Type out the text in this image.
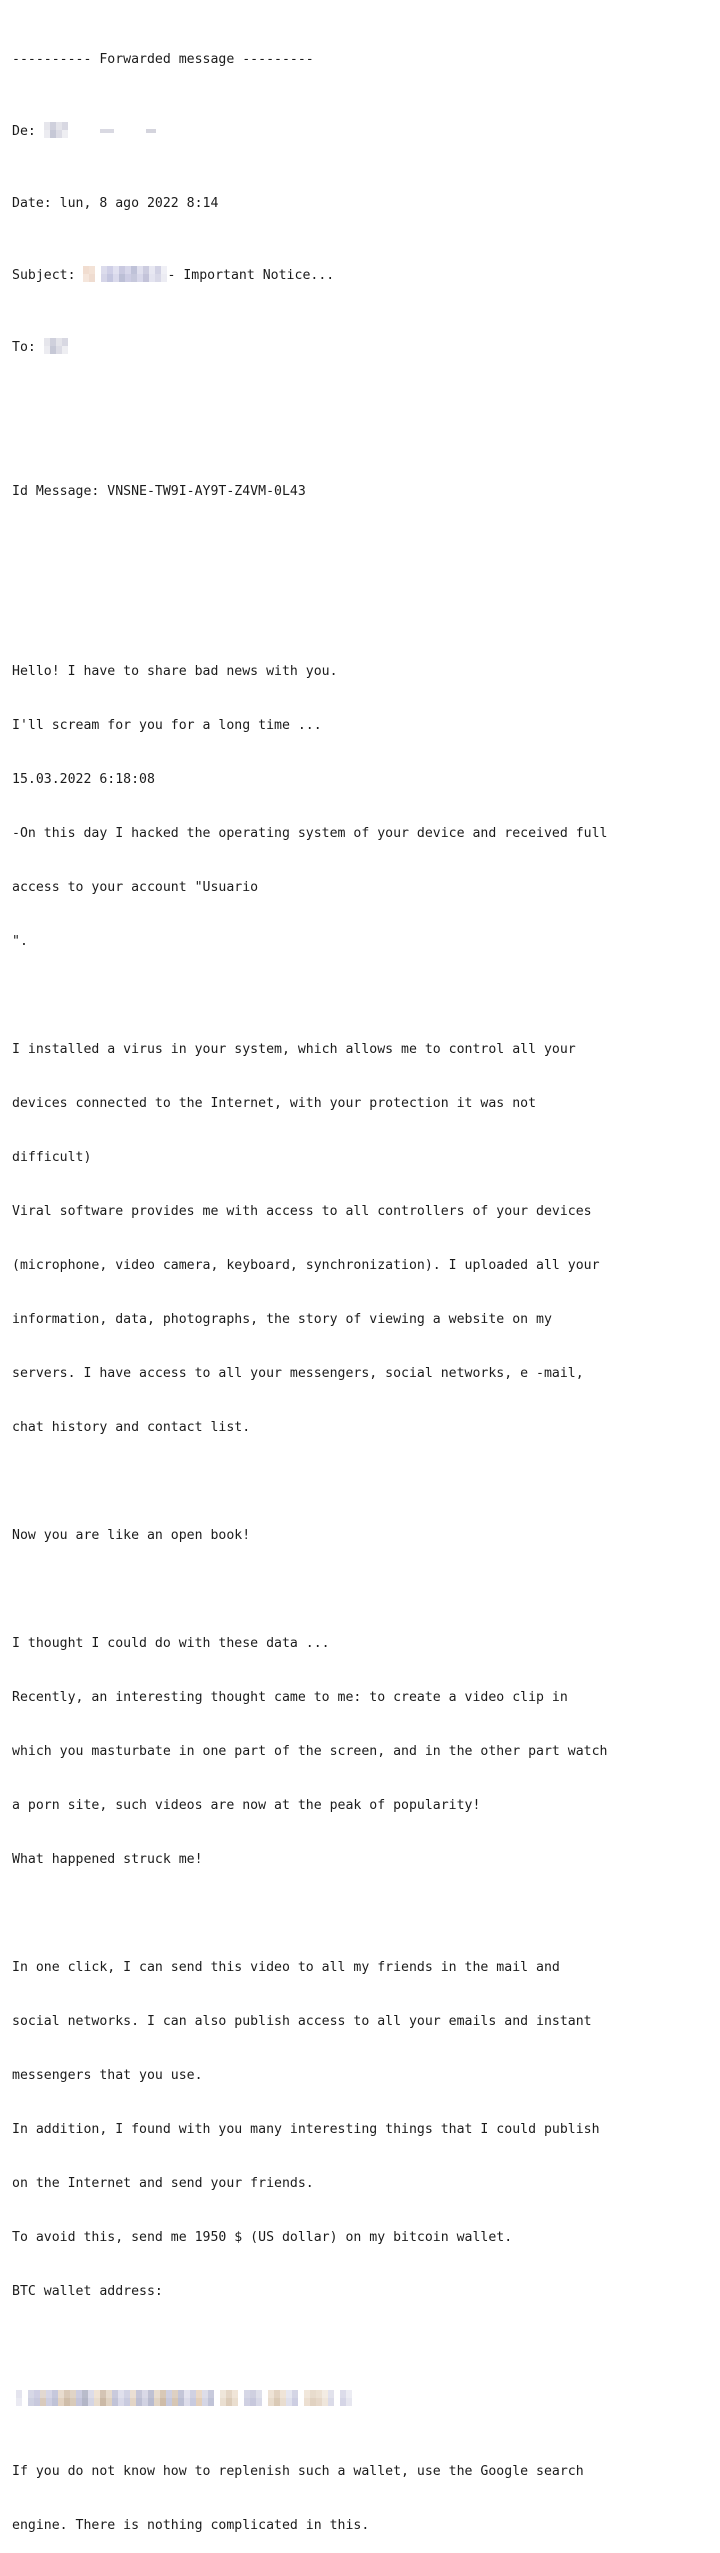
---------- Forwarded message ---------

De:

Date: lun, 8 ago 2022 8:14

Subject:	- Important Notice...

To:

Id Message: VNSNE-TW9I-AY9T-Z4VM-0L43

Hello! I have to share bad news with you.

I'll scream for you for a long time ...

15.03.2022 6:18:08

-On this day I hacked the operating system of your device and received full

access to your account "Usuario

".

I installed a virus in your system, which allows me to control all your

devices connected to the Internet, with your protection it was not

difficult)

Viral software provides me with access to all controllers of your devices

(microphone, video camera, keyboard, synchronization). I uploaded all your

information, data, photographs, the story of viewing a website on my

servers. I have access to all your messengers, social networks, e -mail,

chat history and contact list.

Now you are like an open book!

I thought I could do with these data ...

Recently, an interesting thought came to me: to create a video clip in

which you masturbate in one part of the screen, and in the other part watch

a porn site, such videos are now at the peak of popularity!

What happened struck me!

In one click, I can send this video to all my friends in the mail and

social networks. I can also publish access to all your emails and instant

messengers that you use.

In addition, I found with you many interesting things that I could publish

on the Internet and send your friends.

To avoid this, send me 1950 $ (US dollar) on my bitcoin wallet.

BTC wallet address:

If you do not know how to replenish such a wallet, use the Google search

engine. There is nothing complicated in this.
